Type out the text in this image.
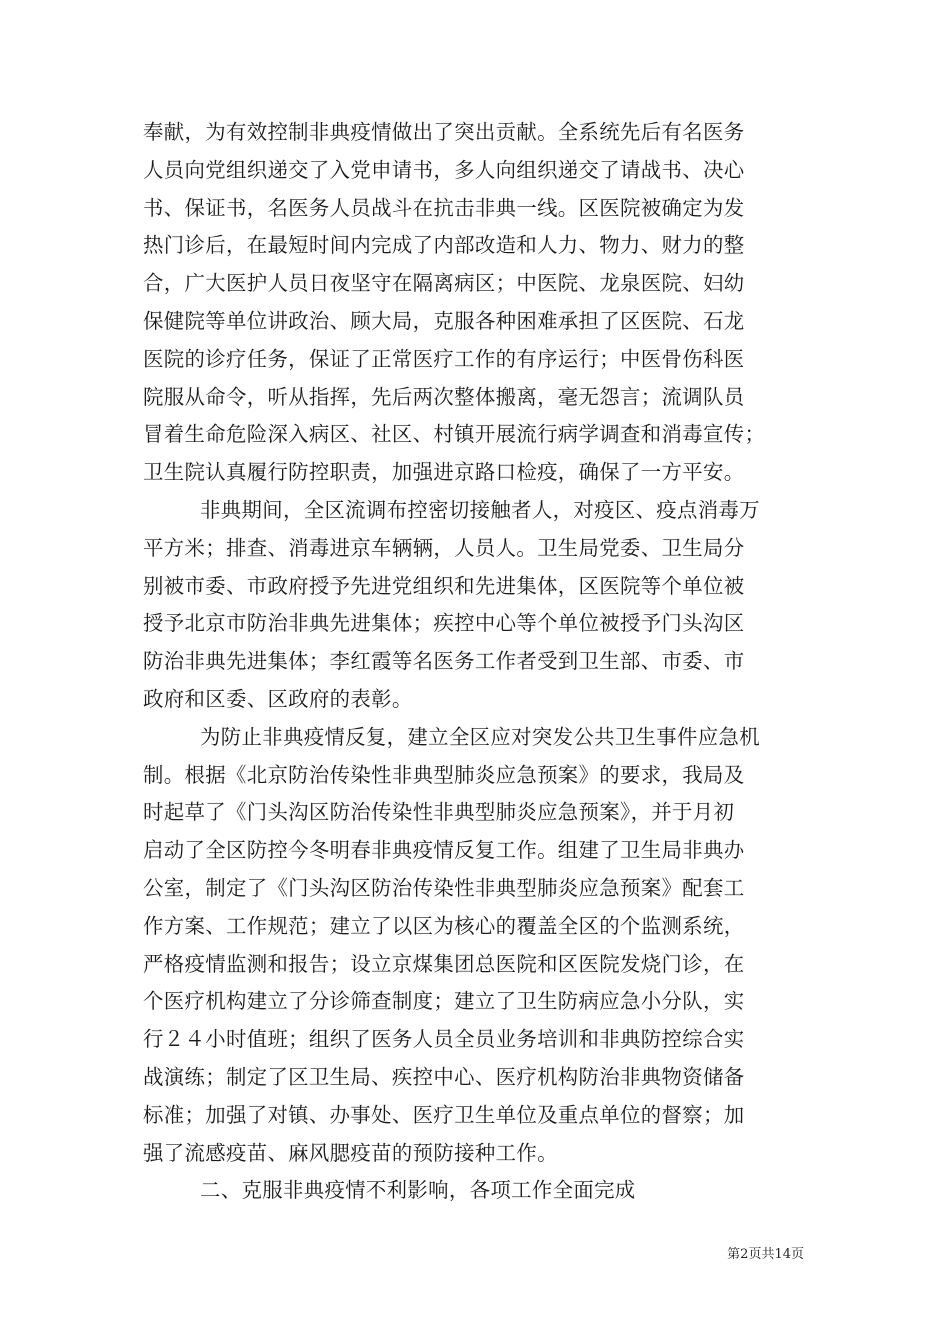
奉献，为有效控制非典疫情做出了突出贡献。全系统先后有名医务
人员向党组织递交了入党申请书，多人向组织递交了请战书、决心
书、保证书，名医务人员战斗在抗击非典一线。区医院被确定为发
热门诊后，在最短时间内完成了内部改造和人力、物力、财力的整
合，广大医护人员日夜坚守在隔离病区；中医院、龙泉医院、妇幼
保健院等单位讲政治、顾大局，克服各种困难承担了区医院、石龙
医院的诊疗任务，保证了正常医疗工作的有序运行；中医骨伤科医
院服从命令，听从指挥，先后两次整体搬离，毫无怨言；流调队员
冒着生命危险深入病区、社区、村镇开展流行病学调查和消毒宣传；
卫生院认真履行防控职责，加强进京路口检疫，确保了一方平安。
非典期间，全区流调布控密切接触者人，对疫区、疫点消毒万
平方米；排查、消毒进京车辆辆，人员人。卫生局党委、卫生局分
别被市委、市政府授予先进党组织和先进集体，区医院等个单位被
授予北京市防治非典先进集体；疾控中心等个单位被授予门头沟区
防治非典先进集体；李红霞等名医务工作者受到卫生部、市委、市
政府和区委、区政府的表彰。
为防止非典疫情反复，建立全区应对突发公共卫生事件应急机
制。根据《北京防治传染性非典型肺炎应急预案》的要求，我局及
时起草了《门头沟区防治传染性非典型肺炎应急预案》，并于月初
启动了全区防控今冬明春非典疫情反复工作。组建了卫生局非典办
公室，制定了《门头沟区防治传染性非典型肺炎应急预案》配套工
作方案、工作规范；建立了以区为核心的覆盖全区的个监测系统，
严格疫情监测和报告；设立京煤集团总医院和区医院发烧门诊，在
个医疗机构建立了分诊筛查制度；建立了卫生防病应急小分队，实
行２４小时值班；组织了医务人员全员业务培训和非典防控综合实
战演练；制定了区卫生局、疾控中心、医疗机构防治非典物资储备
标准；加强了对镇、办事处、医疗卫生单位及重点单位的督察；加
强了流感疫苗、麻风腮疫苗的预防接种工作。
二、克服非典疫情不利影响，各项工作全面完成
第2页共14页
